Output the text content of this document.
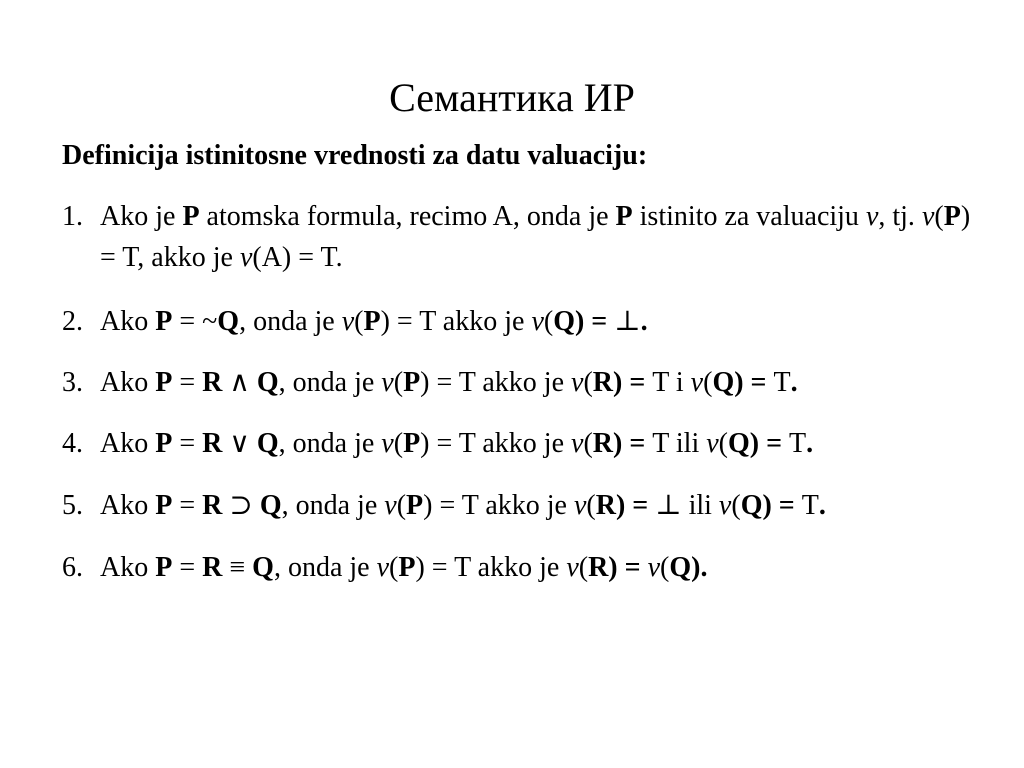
Семантика ИР

Definicija istinitosne vrednosti za datu valuaciju:

1. Ako je P atomska formula, recimo A, onda je P istinito za valuaciju v, tj. v(P) = T, akko je v(A) = T.
2. Ako P = ~Q, onda je v(P) = T akko je v(Q) = ⊥.
3. Ako P = R ∧ Q, onda je v(P) = T akko je v(R) = T i v(Q) = T.
4. Ako P = R ∨ Q, onda je v(P) = T akko je v(R) = T ili v(Q) = T.
5. Ako P = R ⊃ Q, onda je v(P) = T akko je v(R) = ⊥ ili v(Q) = T.
6. Ako P = R ≡ Q, onda je v(P) = T akko je v(R) = v(Q).
